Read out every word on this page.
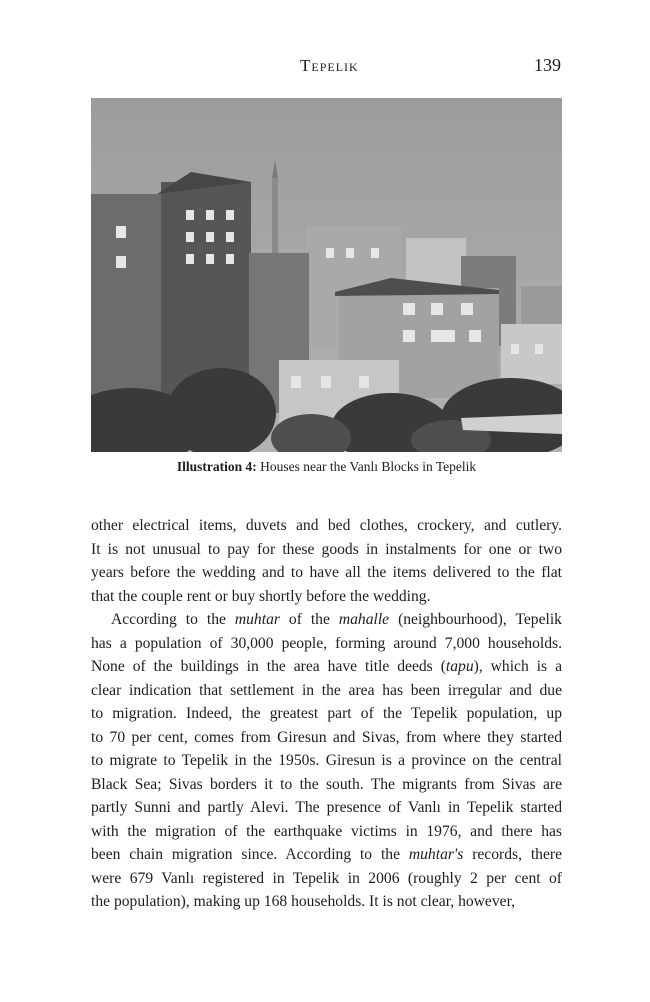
Tepelik	139
Illustration 4: Houses near the Vanlı Blocks in Tepelik
other electrical items, duvets and bed clothes, crockery, and cutlery.
It is not unusual to pay for these goods in instalments for one or two
years before the wedding and to have all the items delivered to the flat
that the couple rent or buy shortly before the wedding.
According to the muhtar of the mahalle (neighbourhood), Tepelik
has a population of 30,000 people, forming around 7,000 households.
None of the buildings in the area have title deeds (tapu), which is a
clear indication that settlement in the area has been irregular and due
to migration. Indeed, the greatest part of the Tepelik population, up
to 70 per cent, comes from Giresun and Sivas, from where they started
to migrate to Tepelik in the 1950s. Giresun is a province on the central
Black Sea; Sivas borders it to the south. The migrants from Sivas are
partly Sunni and partly Alevi. The presence of Vanlı in Tepelik started
with the migration of the earthquake victims in 1976, and there has
been chain migration since. According to the muhtar's records, there
were 679 Vanlı registered in Tepelik in 2006 (roughly 2 per cent of
the population), making up 168 households. It is not clear, however,
